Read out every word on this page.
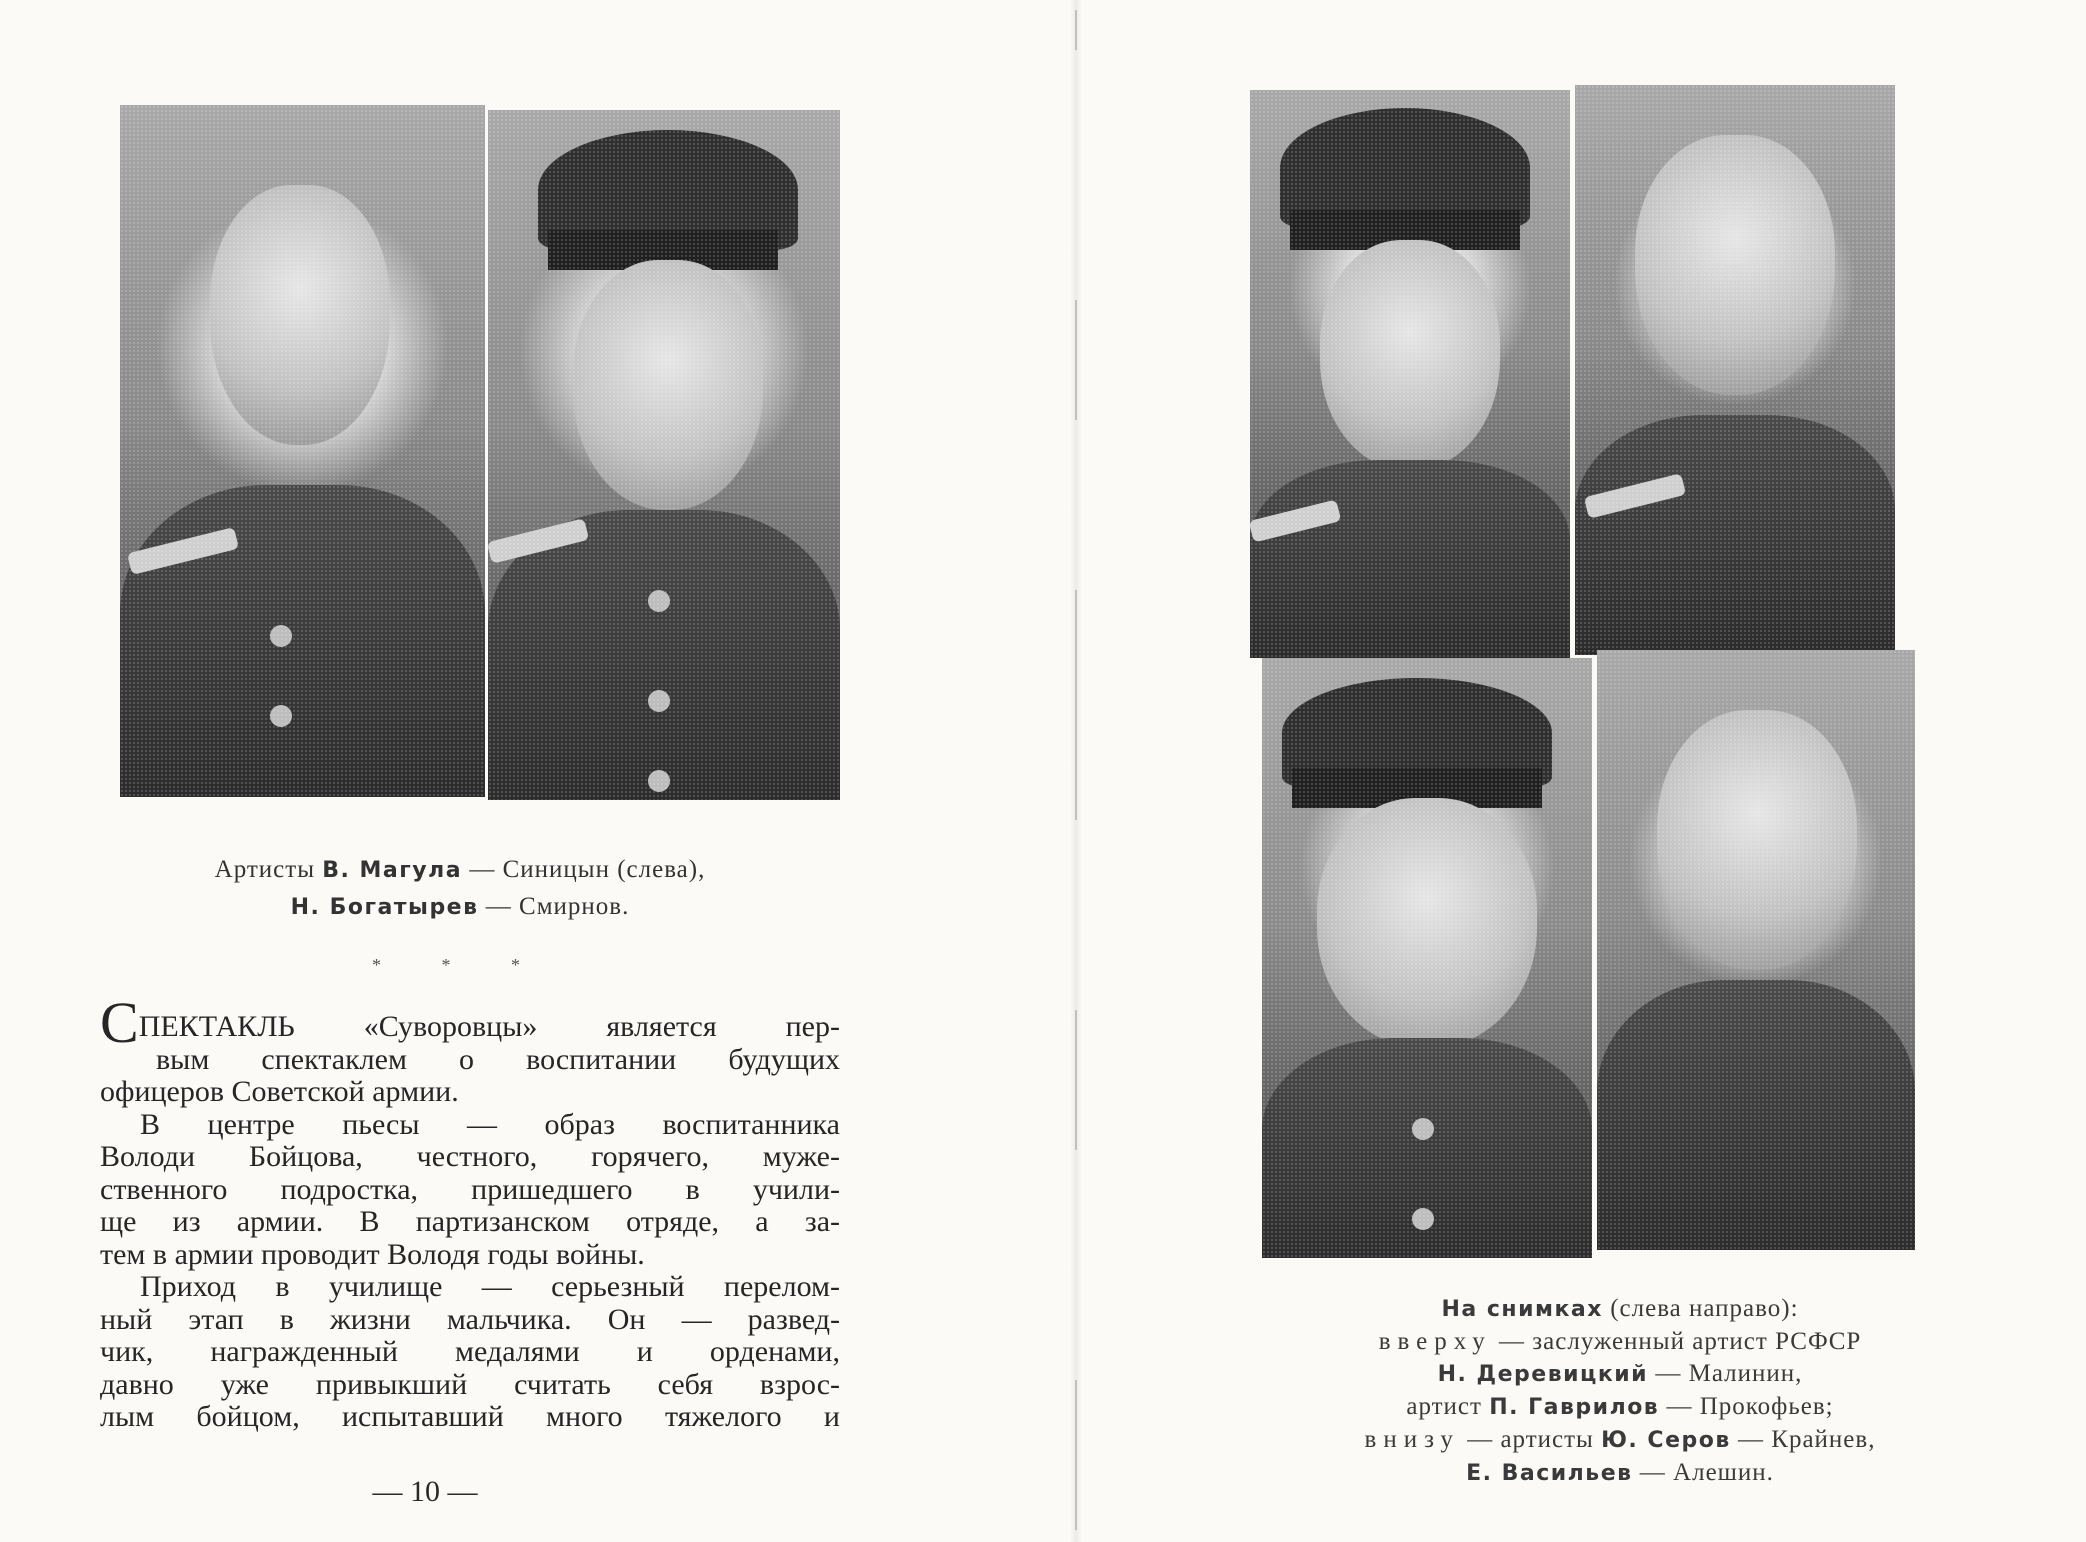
Артисты В. Магула — Синицын (слева),
Н. Богатырев — Смирнов.
* * *
СПЕКТАКЛЬ «Суворовцы» является пер-
вым спектаклем о воспитании будущих
офицеров Советской армии.
В центре пьесы — образ воспитанника
Володи Бойцова, честного, горячего, муже-
ственного подростка, пришедшего в учили-
ще из армии. В партизанском отряде, а за-
тем в армии проводит Володя годы войны.
Приход в училище — серьезный перелом-
ный этап в жизни мальчика. Он — развед-
чик, награжденный медалями и орденами,
давно уже привыкший считать себя взрос-
лым бойцом, испытавший много тяжелого и
— 10 —
На снимках (слева направо):
вверху — заслуженный артист РСФСР
Н. Деревицкий — Малинин,
артист П. Гаврилов — Прокофьев;
внизу — артисты Ю. Серов — Крайнев,
Е. Васильев — Алешин.
